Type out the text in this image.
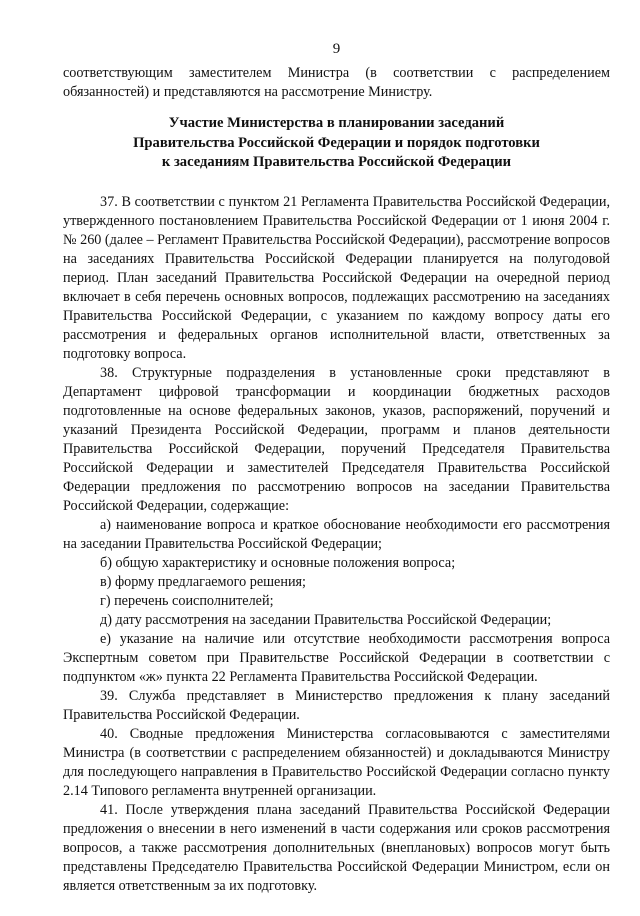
9

соответствующим заместителем Министра (в соответствии с распределением обязанностей) и представляются на рассмотрение Министру.

Участие Министерства в планировании заседаний
Правительства Российской Федерации и порядок подготовки
к заседаниям Правительства Российской Федерации

37. В соответствии с пунктом 21 Регламента Правительства Российской Федерации, утвержденного постановлением Правительства Российской Федерации от 1 июня 2004 г. № 260 (далее – Регламент Правительства Российской Федерации), рассмотрение вопросов на заседаниях Правительства Российской Федерации планируется на полугодовой период. План заседаний Правительства Российской Федерации на очередной период включает в себя перечень основных вопросов, подлежащих рассмотрению на заседаниях Правительства Российской Федерации, с указанием по каждому вопросу даты его рассмотрения и федеральных органов исполнительной власти, ответственных за подготовку вопроса.

38. Структурные подразделения в установленные сроки представляют в Департамент цифровой трансформации и координации бюджетных расходов подготовленные на основе федеральных законов, указов, распоряжений, поручений и указаний Президента Российской Федерации, программ и планов деятельности Правительства Российской Федерации, поручений Председателя Правительства Российской Федерации и заместителей Председателя Правительства Российской Федерации предложения по рассмотрению вопросов на заседании Правительства Российской Федерации, содержащие:

а) наименование вопроса и краткое обоснование необходимости его рассмотрения на заседании Правительства Российской Федерации;

б) общую характеристику и основные положения вопроса;

в) форму предлагаемого решения;

г) перечень соисполнителей;

д) дату рассмотрения на заседании Правительства Российской Федерации;

е) указание на наличие или отсутствие необходимости рассмотрения вопроса Экспертным советом при Правительстве Российской Федерации в соответствии с подпунктом «ж» пункта 22 Регламента Правительства Российской Федерации.

39. Служба представляет в Министерство предложения к плану заседаний Правительства Российской Федерации.

40. Сводные предложения Министерства согласовываются с заместителями Министра (в соответствии с распределением обязанностей) и докладываются Министру для последующего направления в Правительство Российской Федерации согласно пункту 2.14 Типового регламента внутренней организации.

41. После утверждения плана заседаний Правительства Российской Федерации предложения о внесении в него изменений в части содержания или сроков рассмотрения вопросов, а также рассмотрения дополнительных (внеплановых) вопросов могут быть представлены Председателю Правительства Российской Федерации Министром, если он является ответственным за их подготовку.
